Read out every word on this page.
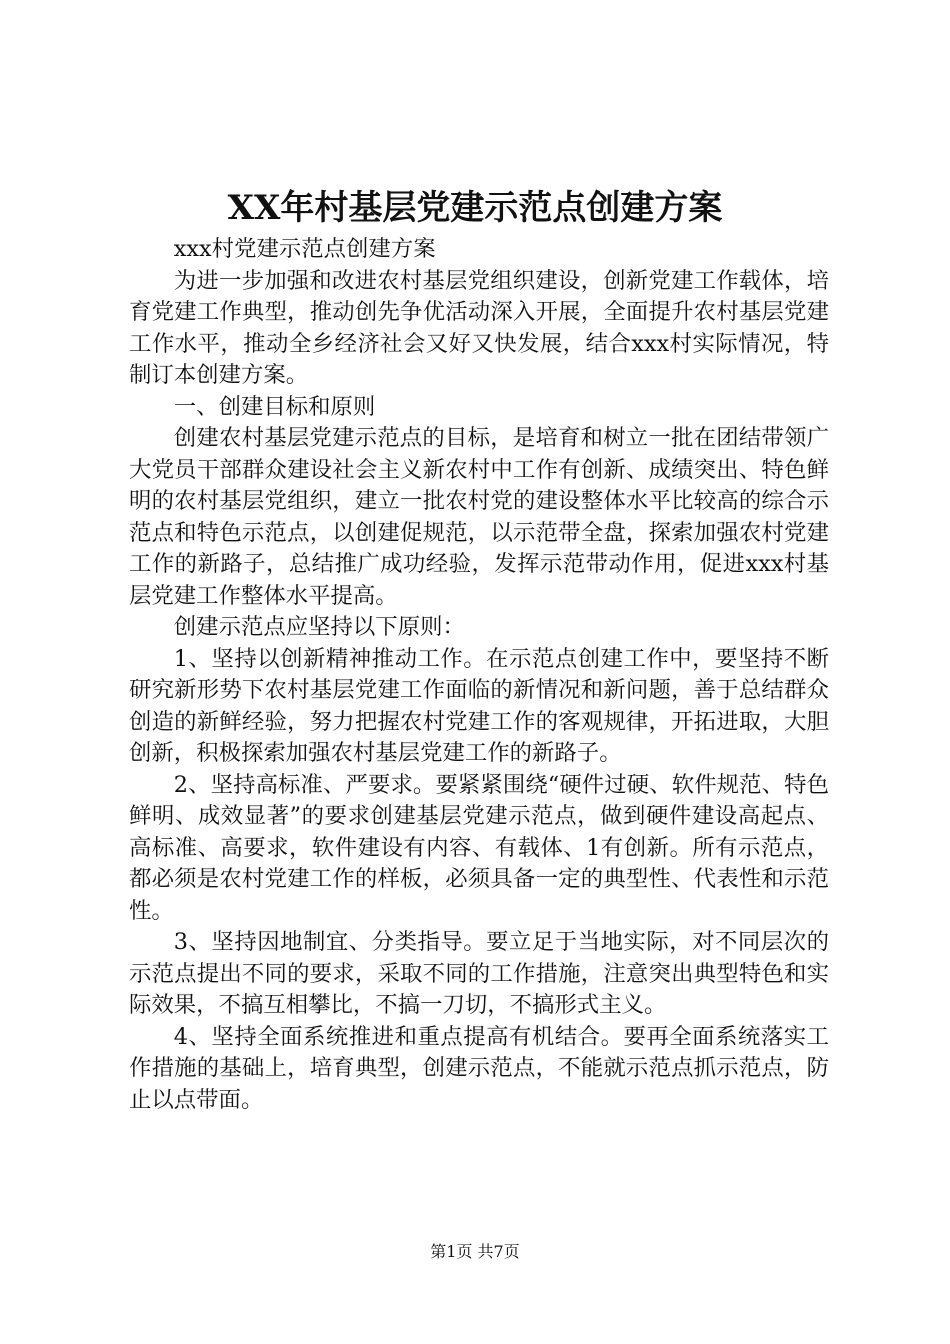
XX年村基层党建示范点创建方案

xxx村党建示范点创建方案

为进一步加强和改进农村基层党组织建设，创新党建工作载体，培育党建工作典型，推动创先争优活动深入开展，全面提升农村基层党建工作水平，推动全乡经济社会又好又快发展，结合xxx村实际情况，特制订本创建方案。

一、创建目标和原则

创建农村基层党建示范点的目标，是培育和树立一批在团结带领广大党员干部群众建设社会主义新农村中工作有创新、成绩突出、特色鲜明的农村基层党组织，建立一批农村党的建设整体水平比较高的综合示范点和特色示范点，以创建促规范，以示范带全盘，探索加强农村党建工作的新路子，总结推广成功经验，发挥示范带动作用，促进xxx村基层党建工作整体水平提高。

创建示范点应坚持以下原则：

1、坚持以创新精神推动工作。在示范点创建工作中，要坚持不断研究新形势下农村基层党建工作面临的新情况和新问题，善于总结群众创造的新鲜经验，努力把握农村党建工作的客观规律，开拓进取，大胆创新，积极探索加强农村基层党建工作的新路子。

2、坚持高标准、严要求。要紧紧围绕“硬件过硬、软件规范、特色鲜明、成效显著”的要求创建基层党建示范点，做到硬件建设高起点、高标准、高要求，软件建设有内容、有载体、1有创新。所有示范点，都必须是农村党建工作的样板，必须具备一定的典型性、代表性和示范性。

3、坚持因地制宜、分类指导。要立足于当地实际，对不同层次的示范点提出不同的要求，采取不同的工作措施，注意突出典型特色和实际效果，不搞互相攀比，不搞一刀切，不搞形式主义。

4、坚持全面系统推进和重点提高有机结合。要再全面系统落实工作措施的基础上，培育典型，创建示范点，不能就示范点抓示范点，防止以点带面。

第1页 共7页
